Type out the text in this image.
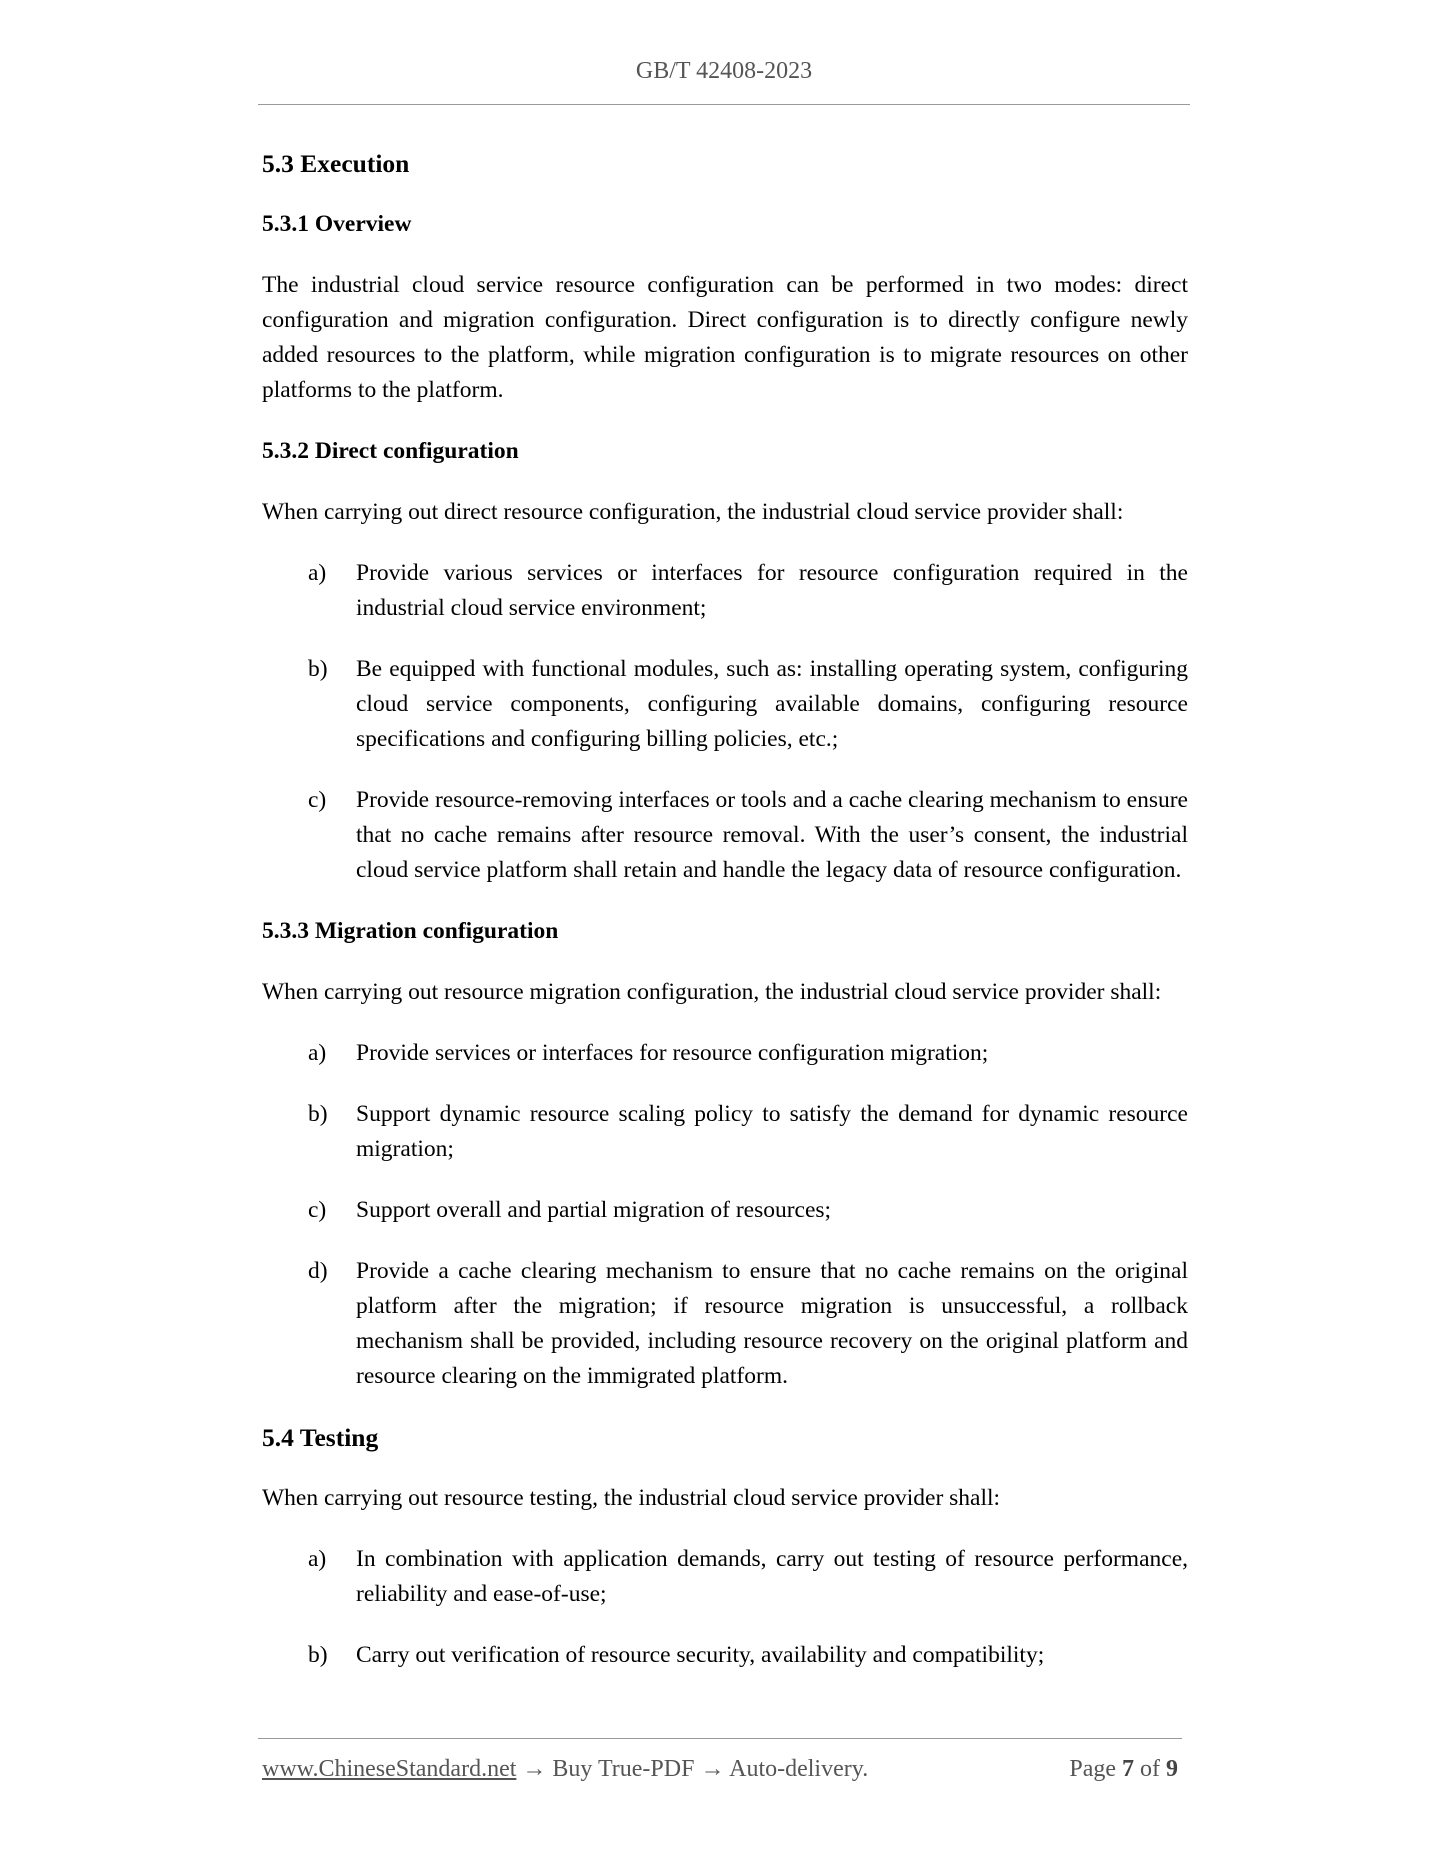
GB/T 42408-2023
5.3 Execution
5.3.1 Overview
The industrial cloud service resource configuration can be performed in two modes: direct configuration and migration configuration. Direct configuration is to directly configure newly added resources to the platform, while migration configuration is to migrate resources on other platforms to the platform.
5.3.2 Direct configuration
When carrying out direct resource configuration, the industrial cloud service provider shall:
a) Provide various services or interfaces for resource configuration required in the industrial cloud service environment;
b) Be equipped with functional modules, such as: installing operating system, configuring cloud service components, configuring available domains, configuring resource specifications and configuring billing policies, etc.;
c) Provide resource-removing interfaces or tools and a cache clearing mechanism to ensure that no cache remains after resource removal. With the user’s consent, the industrial cloud service platform shall retain and handle the legacy data of resource configuration.
5.3.3 Migration configuration
When carrying out resource migration configuration, the industrial cloud service provider shall:
a) Provide services or interfaces for resource configuration migration;
b) Support dynamic resource scaling policy to satisfy the demand for dynamic resource migration;
c) Support overall and partial migration of resources;
d) Provide a cache clearing mechanism to ensure that no cache remains on the original platform after the migration; if resource migration is unsuccessful, a rollback mechanism shall be provided, including resource recovery on the original platform and resource clearing on the immigrated platform.
5.4 Testing
When carrying out resource testing, the industrial cloud service provider shall:
a) In combination with application demands, carry out testing of resource performance, reliability and ease-of-use;
b) Carry out verification of resource security, availability and compatibility;
www.ChineseStandard.net → Buy True-PDF → Auto-delivery.	Page 7 of 9
